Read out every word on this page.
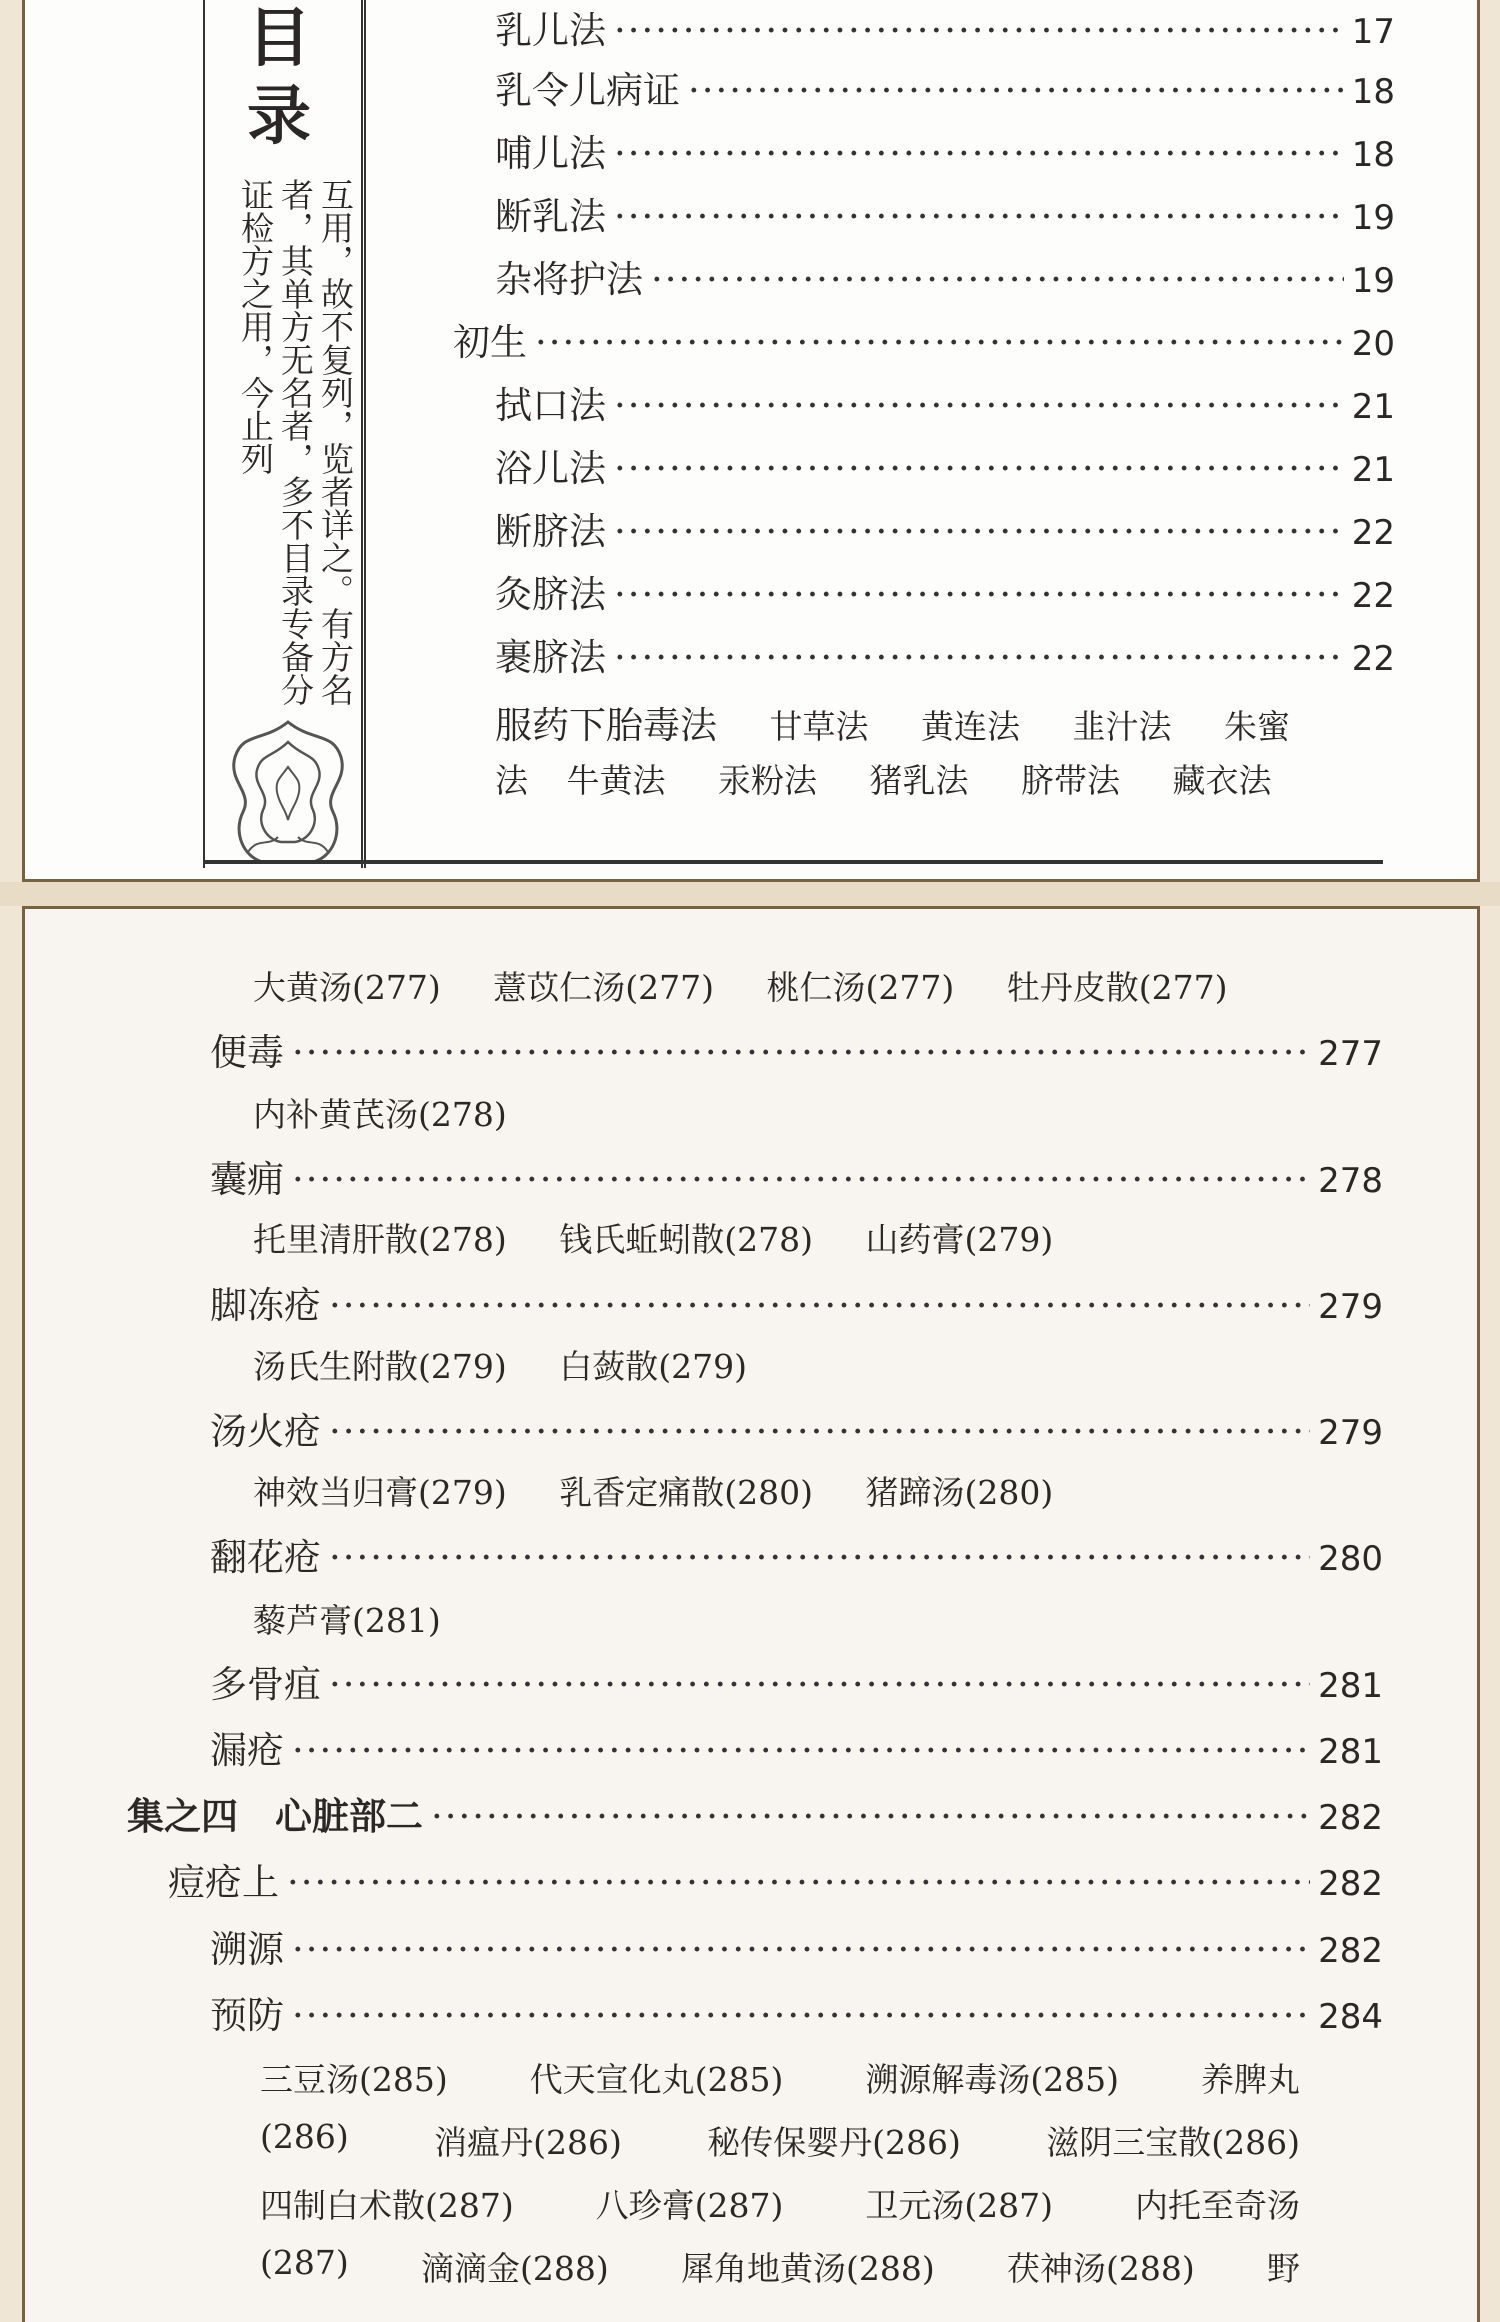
目
录
互用，故不复列，览者详之。有方名者，其单方无名者，多不目录专备分证检方之用，今止列
乳儿法 ·····	17
乳令儿病证 ·····	18
哺儿法 ·····	18
断乳法 ·····	19
杂将护法 ·····	19
初生 ·····	20
拭口法 ·····	21
浴儿法 ·····	21
断脐法 ·····	22
灸脐法 ·····	22
裹脐法 ·····	22
服药下胎毒法 甘草法 黄连法 韭汁法 朱蜜
法 牛黄法 汞粉法 猪乳法 脐带法 藏衣法

大黄汤(277) 薏苡仁汤(277) 桃仁汤(277) 牡丹皮散(277)
便毒 ·····	277
内补黄芪汤(278)
囊痈 ·····	278
托里清肝散(278) 钱氏蚯蚓散(278) 山药膏(279)
脚冻疮 ·····	279
汤氏生附散(279) 白蔹散(279)
汤火疮 ·····	279
神效当归膏(279) 乳香定痛散(280) 猪蹄汤(280)
翻花疮 ·····	280
藜芦膏(281)
多骨疽 ·····	281
漏疮 ·····	281
集之四　心脏部二 ·····	282
痘疮上 ·····	282
溯源 ·····	282
预防 ·····	284
三豆汤(285) 代天宣化丸(285) 溯源解毒汤(285) 养脾丸
(286)	消瘟丹(286)	秘传保婴丹(286)	滋阴三宝散(286)
四制白术散(287) 八珍膏(287) 卫元汤(287) 内托至奇汤
(287) 滴滴金(288) 犀角地黄汤(288) 茯神汤(288) 野
